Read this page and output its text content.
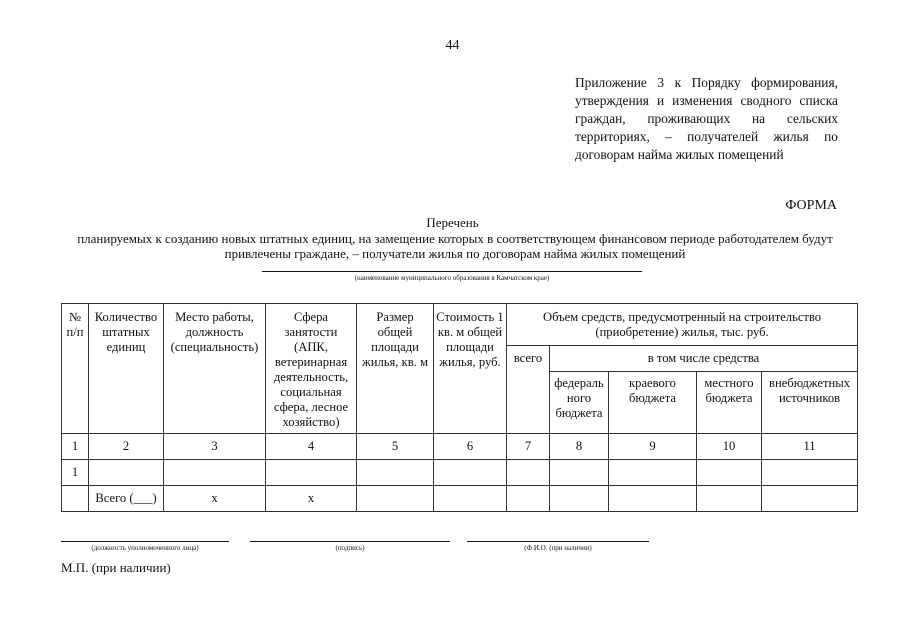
44
Приложение 3 к Порядку формирования, утверждения и изменения сводного списка граждан, проживающих на сельских территориях, – получателей жилья по договорам найма жилых помещений
ФОРМА
Перечень
планируемых к созданию новых штатных единиц, на замещение которых в соответствующем финансовом периоде работодателем будут привлечены граждане, – получатели жилья по договорам найма жилых помещений
(наименование муниципального образования в Камчатском крае)
№ п/п	Количество штатных единиц	Место работы, должность (специальность)	Сфера занятости (АПК, ветеринарная деятельность, социальная сфера, лесное хозяйство)	Размер общей площади жилья, кв. м	Стоимость 1 кв. м общей площади жилья, руб.	Объем средств, предусмотренный на строительство (приобретение) жилья, тыс. руб.				
						всего	в том числе средства			
							федераль ного бюджета	краевого бюджета	местного бюджета	внебюджетных источников
1	2	3	4	5	6	7	8	9	10	11
1										
	Всего (___)	х	х							
(должность уполномоченного лица)	(подпись)	(Ф.И.О. (при наличии)
М.П. (при наличии)
